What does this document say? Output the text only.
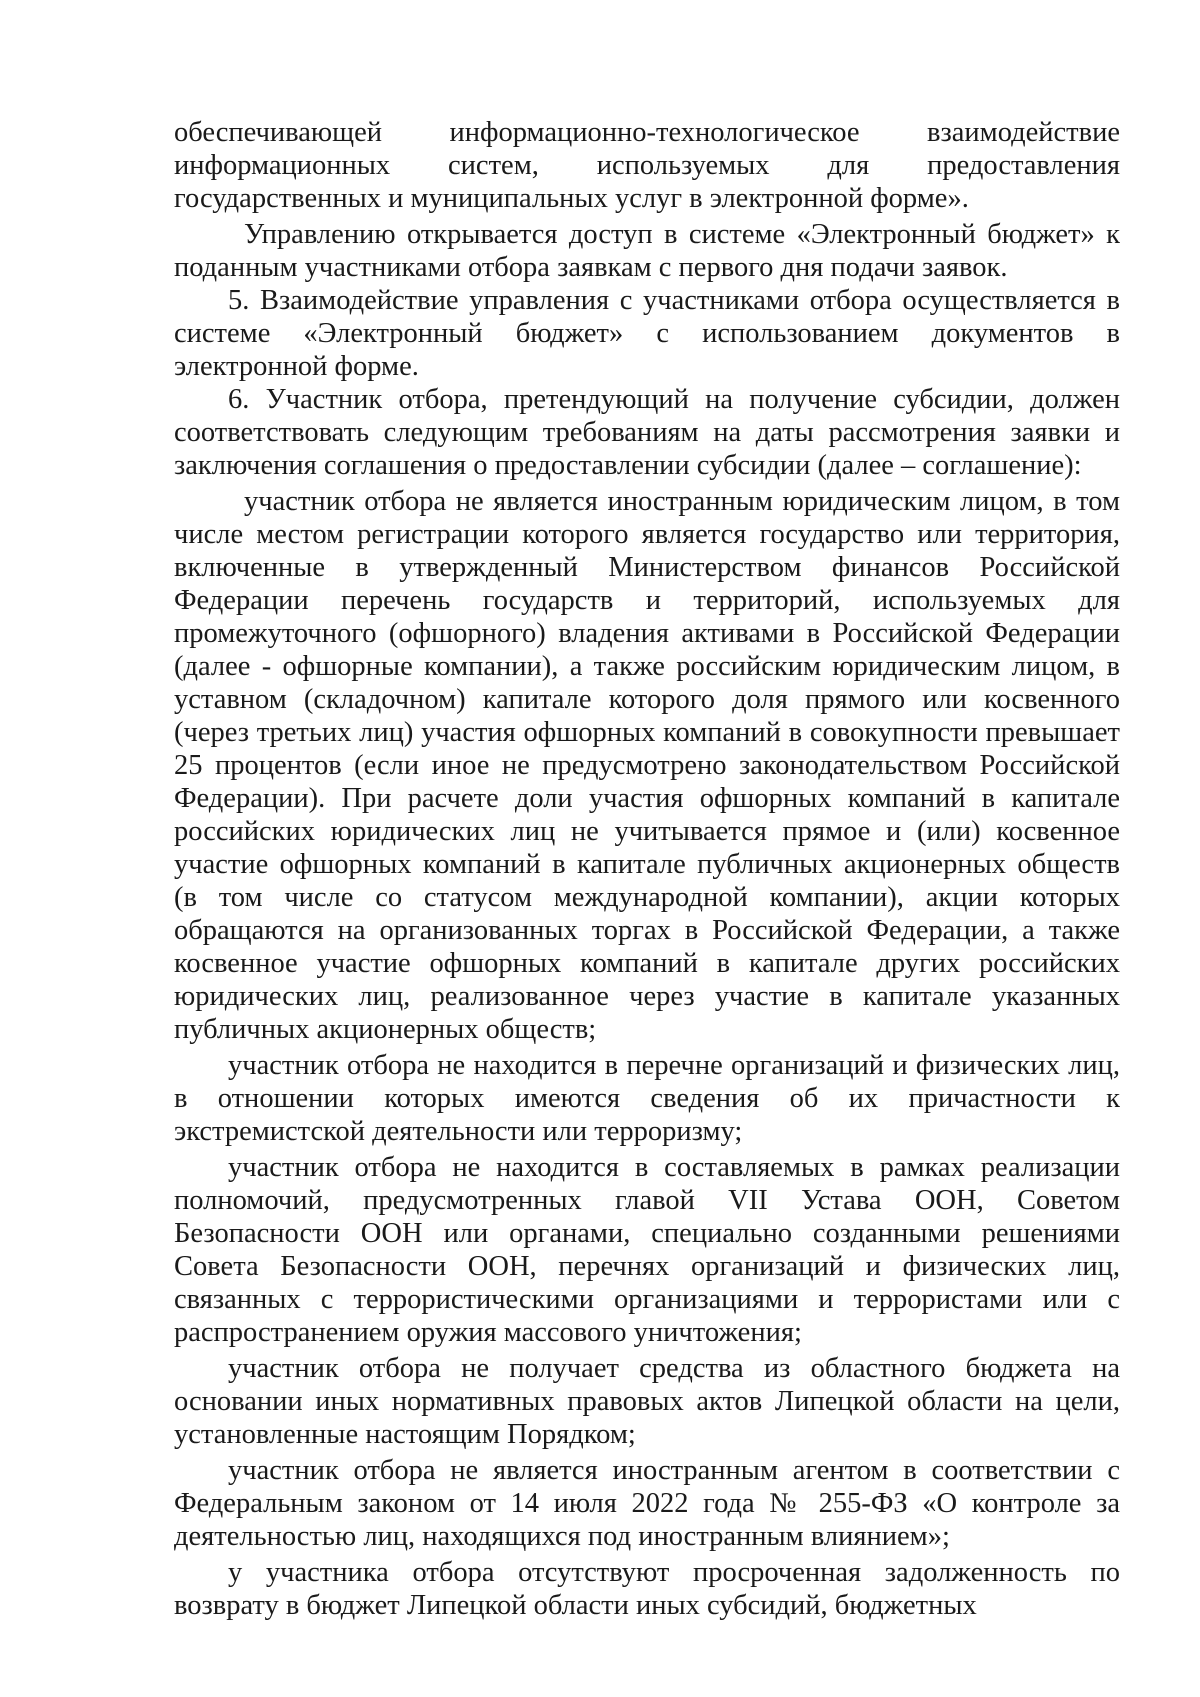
обеспечивающей информационно-технологическое взаимодействие информационных систем, используемых для предоставления государственных и муниципальных услуг в электронной форме».

Управлению открывается доступ в системе «Электронный бюджет» к поданным участниками отбора заявкам с первого дня подачи заявок.

5. Взаимодействие управления с участниками отбора осуществляется в системе «Электронный бюджет» с использованием документов в электронной форме.

6. Участник отбора, претендующий на получение субсидии, должен соответствовать следующим требованиям на даты рассмотрения заявки и заключения соглашения о предоставлении субсидии (далее – соглашение):

участник отбора не является иностранным юридическим лицом, в том числе местом регистрации которого является государство или территория, включенные в утвержденный Министерством финансов Российской Федерации перечень государств и территорий, используемых для промежуточного (офшорного) владения активами в Российской Федерации (далее - офшорные компании), а также российским юридическим лицом, в уставном (складочном) капитале которого доля прямого или косвенного (через третьих лиц) участия офшорных компаний в совокупности превышает 25 процентов (если иное не предусмотрено законодательством Российской Федерации). При расчете доли участия офшорных компаний в капитале российских юридических лиц не учитывается прямое и (или) косвенное участие офшорных компаний в капитале публичных акционерных обществ (в том числе со статусом международной компании), акции которых обращаются на организованных торгах в Российской Федерации, а также косвенное участие офшорных компаний в капитале других российских юридических лиц, реализованное через участие в капитале указанных публичных акционерных обществ;

участник отбора не находится в перечне организаций и физических лиц, в отношении которых имеются сведения об их причастности к экстремистской деятельности или терроризму;

участник отбора не находится в составляемых в рамках реализации полномочий, предусмотренных главой VII Устава ООН, Советом Безопасности ООН или органами, специально созданными решениями Совета Безопасности ООН, перечнях организаций и физических лиц, связанных с террористическими организациями и террористами или с распространением оружия массового уничтожения;

участник отбора не получает средства из областного бюджета на основании иных нормативных правовых актов Липецкой области на цели, установленные настоящим Порядком;

участник отбора не является иностранным агентом в соответствии с Федеральным законом от 14 июля 2022 года № 255-ФЗ «О контроле за деятельностью лиц, находящихся под иностранным влиянием»;

у участника отбора отсутствуют просроченная задолженность по возврату в бюджет Липецкой области иных субсидий, бюджетных
